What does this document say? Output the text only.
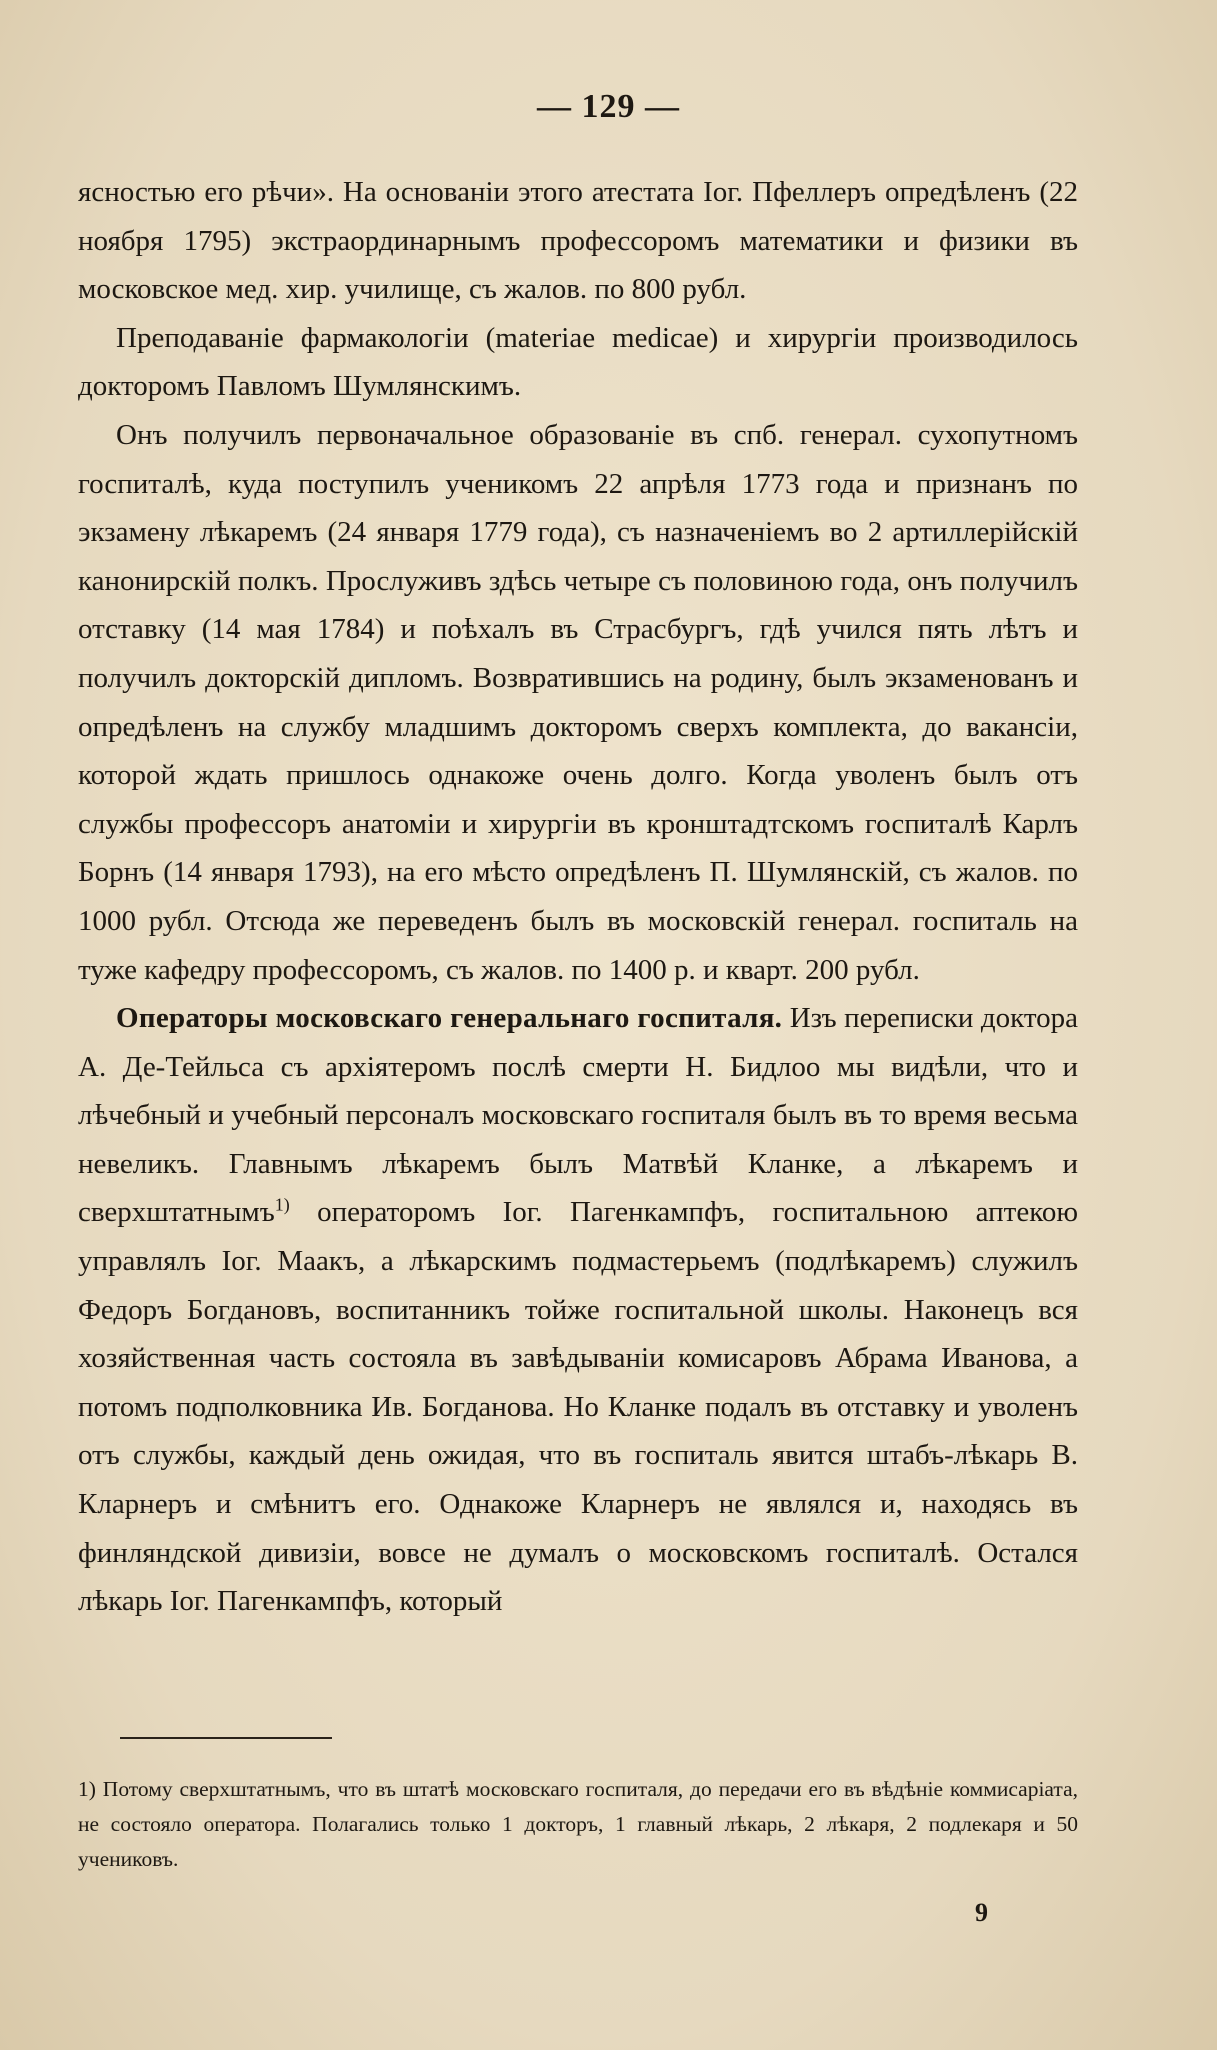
— 129 —

ясностью его рѣчи». На основаніи этого атестата Іог. Пфеллеръ опредѣленъ (22 ноября 1795) экстраординарнымъ профессоромъ математики и физики въ московское мед. хир. училище, съ жалов. по 800 рубл.

Преподаваніе фармакологіи (materiae medicae) и хирургіи производилось докторомъ Павломъ Шумлянскимъ.

Онъ получилъ первоначальное образованіе въ спб. генерал. сухопутномъ госпиталѣ, куда поступилъ ученикомъ 22 апрѣля 1773 года и признанъ по экзамену лѣкаремъ (24 января 1779 года), съ назначеніемъ во 2 артиллерійскій канонирскій полкъ. Прослуживъ здѣсь четыре съ половиною года, онъ получилъ отставку (14 мая 1784) и поѣхалъ въ Страсбургъ, гдѣ учился пять лѣтъ и получилъ докторскій дипломъ. Возвратившись на родину, былъ экзаменованъ и опредѣленъ на службу младшимъ докторомъ сверхъ комплекта, до вакансіи, которой ждать пришлось однакоже очень долго. Когда уволенъ былъ отъ службы профессоръ анатоміи и хирургіи въ кронштадтскомъ госпиталѣ Карлъ Борнъ (14 января 1793), на его мѣсто опредѣленъ П. Шумлянскій, съ жалов. по 1000 рубл. Отсюда же переведенъ былъ въ московскій генерал. госпиталь на туже кафедру профессоромъ, съ жалов. по 1400 р. и кварт. 200 рубл.

Операторы московскаго генеральнаго госпиталя. Изъ переписки доктора А. Де-Тейльса съ архіятеромъ послѣ смерти Н. Бидлоо мы видѣли, что и лѣчебный и учебный персоналъ московскаго госпиталя былъ въ то время весьма невеликъ. Главнымъ лѣкаремъ былъ Матвѣй Кланке, а лѣкаремъ и сверхштатнымъ$^{1)}$ операторомъ Іог. Пагенкампфъ, госпитальною аптекою управлялъ Іог. Маакъ, а лѣкарскимъ подмастерьемъ (подлѣкаремъ) служилъ Федоръ Богдановъ, воспитанникъ тойже госпитальной школы. Наконецъ вся хозяйственная часть состояла въ завѣдываніи комисаровъ Абрама Иванова, а потомъ подполковника Ив. Богданова. Но Кланке подалъ въ отставку и уволенъ отъ службы, каждый день ожидая, что въ госпиталь явится штабъ-лѣкарь В. Кларнеръ и смѣнитъ его. Однакоже Кларнеръ не являлся и, находясь въ финляндской дивизіи, вовсе не думалъ о московскомъ госпиталѣ. Остался лѣкарь Іог. Пагенкампфъ, который

1) Потому сверхштатнымъ, что въ штатѣ московскаго госпиталя, до передачи его въ вѣдѣніе коммисаріата, не состояло оператора. Полагались только 1 докторъ, 1 главный лѣкарь, 2 лѣкаря, 2 подлекаря и 50 учениковъ.
9
